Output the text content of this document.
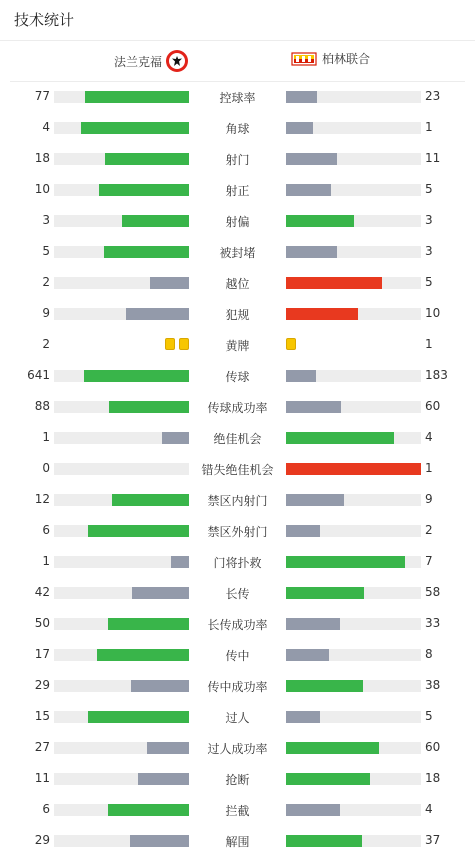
技术统计
法兰克福	柏林联合
77	控球率	23
4	角球	1
18	射门	11
10	射正	5
3	射偏	3
5	被封堵	3
2	越位	5
9	犯规	10
2	黄牌	1
641	传球	183
88	传球成功率	60
1	绝佳机会	4
0	错失绝佳机会	1
12	禁区内射门	9
6	禁区外射门	2
1	门将扑救	7
42	长传	58
50	长传成功率	33
17	传中	8
29	传中成功率	38
15	过人	5
27	过人成功率	60
11	抢断	18
6	拦截	4
29	解围	37
